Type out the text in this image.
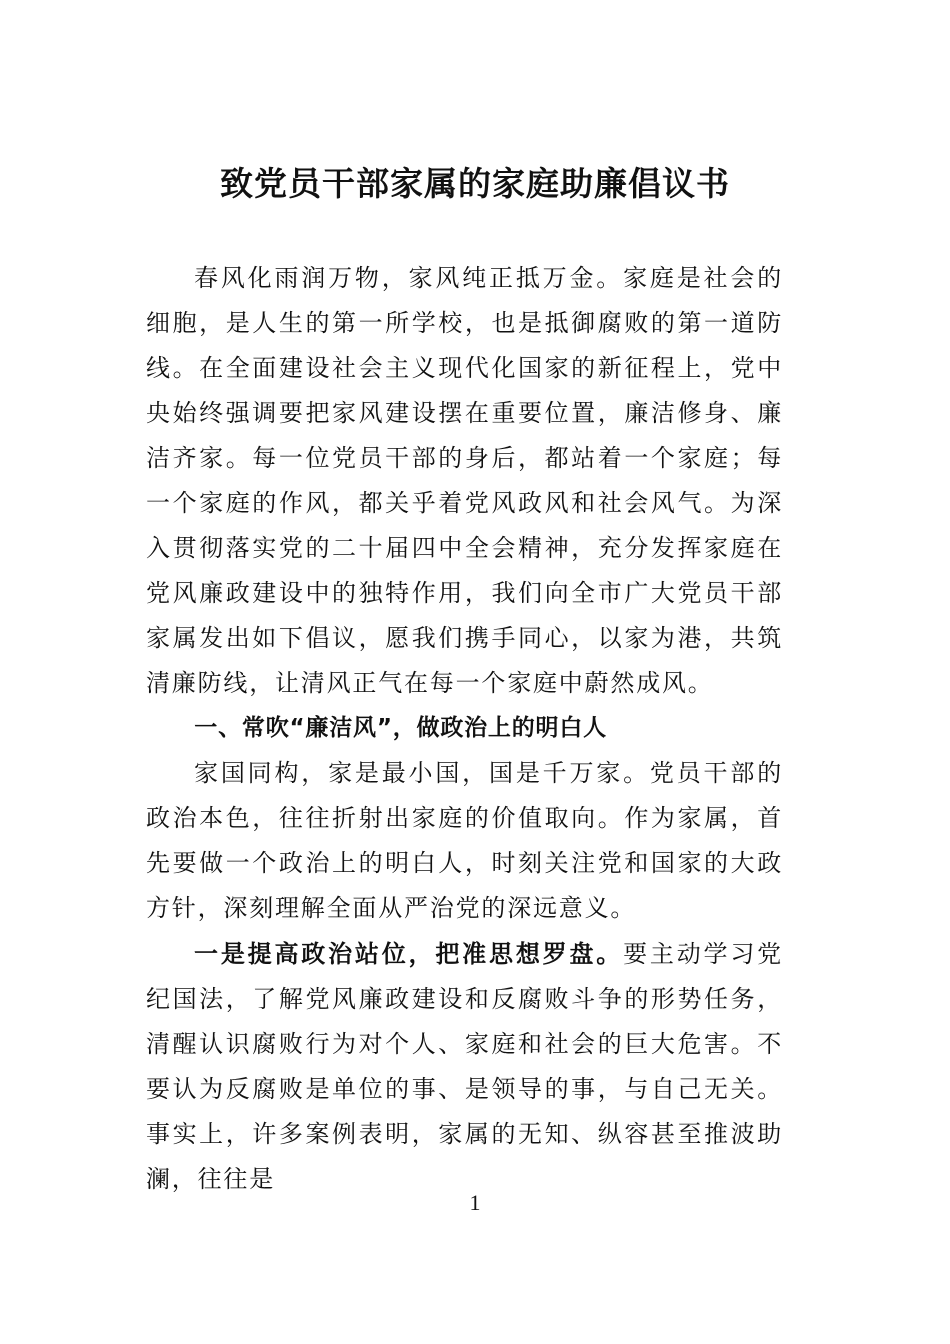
致党员干部家属的家庭助廉倡议书

春风化雨润万物，家风纯正抵万金。家庭是社会的细胞，是人生的第一所学校，也是抵御腐败的第一道防线。在全面建设社会主义现代化国家的新征程上，党中央始终强调要把家风建设摆在重要位置，廉洁修身、廉洁齐家。每一位党员干部的身后，都站着一个家庭；每一个家庭的作风，都关乎着党风政风和社会风气。为深入贯彻落实党的二十届四中全会精神，充分发挥家庭在党风廉政建设中的独特作用，我们向全市广大党员干部家属发出如下倡议，愿我们携手同心，以家为港，共筑清廉防线，让清风正气在每一个家庭中蔚然成风。

一、常吹“廉洁风”，做政治上的明白人

家国同构，家是最小国，国是千万家。党员干部的政治本色，往往折射出家庭的价值取向。作为家属，首先要做一个政治上的明白人，时刻关注党和国家的大政方针，深刻理解全面从严治党的深远意义。

一是提高政治站位，把准思想罗盘。要主动学习党纪国法，了解党风廉政建设和反腐败斗争的形势任务，清醒认识腐败行为对个人、家庭和社会的巨大危害。不要认为反腐败是单位的事、是领导的事，与自己无关。事实上，许多案例表明，家属的无知、纵容甚至推波助澜，往往是

1
